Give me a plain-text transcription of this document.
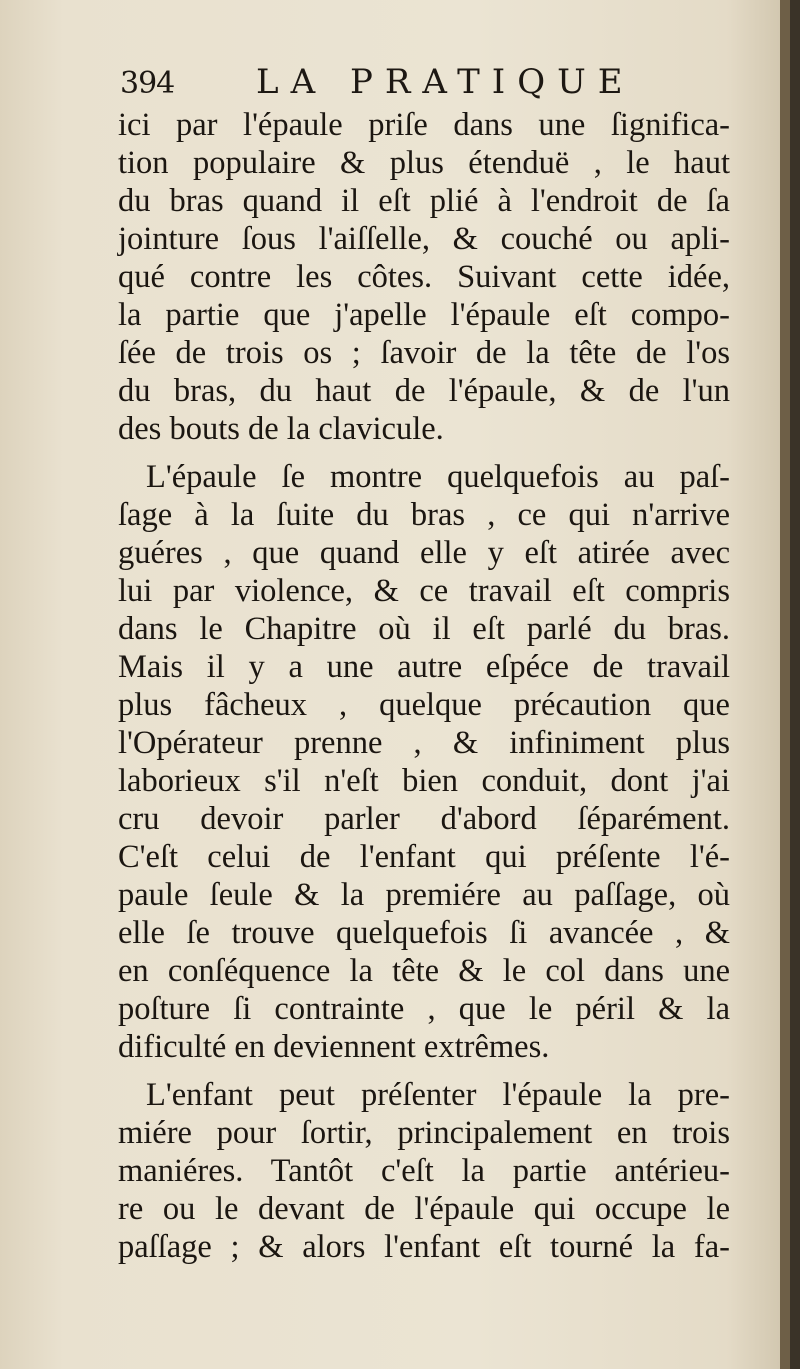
394 LA PRATIQUE
ici par l'épaule priſe dans une ſignifica-
tion populaire & plus étenduë , le haut
du bras quand il eſt plié à l'endroit de ſa
jointure ſous l'aiſſelle, & couché ou apli-
qué contre les côtes. Suivant cette idée,
la partie que j'apelle l'épaule eſt compo-
ſée de trois os ; ſavoir de la tête de l'os
du bras, du haut de l'épaule, & de l'un
des bouts de la clavicule.
L'épaule ſe montre quelquefois au paſ-
ſage à la ſuite du bras , ce qui n'arrive
guéres , que quand elle y eſt atirée avec
lui par violence, & ce travail eſt compris
dans le Chapitre où il eſt parlé du bras.
Mais il y a une autre eſpéce de travail
plus fâcheux , quelque précaution que
l'Opérateur prenne , & infiniment plus
laborieux s'il n'eſt bien conduit, dont j'ai
cru devoir parler d'abord ſéparément.
C'eſt celui de l'enfant qui préſente l'é-
paule ſeule & la premiére au paſſage, où
elle ſe trouve quelquefois ſi avancée , &
en conſéquence la tête & le col dans une
poſture ſi contrainte , que le péril & la
dificulté en deviennent extrêmes.
L'enfant peut préſenter l'épaule la pre-
miére pour ſortir, principalement en trois
maniéres. Tantôt c'eſt la partie antérieu-
re ou le devant de l'épaule qui occupe le
paſſage ; & alors l'enfant eſt tourné la fa-
